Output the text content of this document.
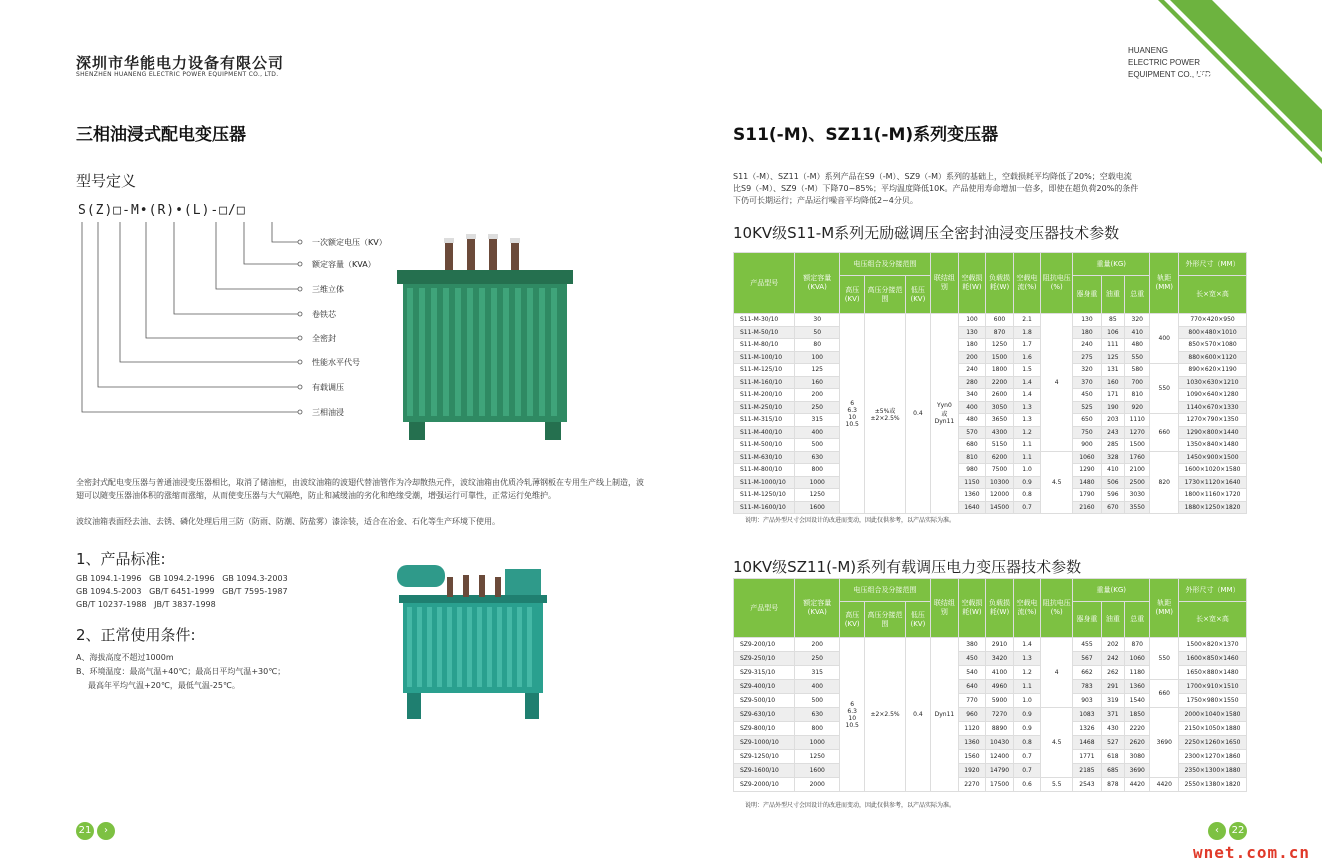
深圳市华能电力设备有限公司
SHENZHEN HUANENG ELECTRIC POWER EQUIPMENT CO., LTD.
HUANENG
ELECTRIC POWER
EQUIPMENT CO., LTD
油浸式变压器
三相油浸式配电变压器
型号定义
S(Z)□-M•(R)•(L)-□/□
一次额定电压（KV）
额定容量（KVA）
三维立体
卷铁芯
全密封
性能水平代号
有载调压
三相油浸
全密封式配电变压器与普通油浸变压器相比，取消了储油柜，由波纹油箱的波翅代替油管作为冷却散热元件，波纹油箱由优质冷轧薄钢板在专用生产线上制造，波翅可以随变压器油体积的涨缩而涨缩，从而使变压器与大气隔绝，防止和减缓油的劣化和绝缘受潮，增强运行可靠性，正常运行免维护。
波纹油箱表面经去油、去锈、磷化处理后用三防（防雨、防潮、防盐雾）漆涂装，适合在冶金、石化等生产环境下使用。
1、产品标准:
GB 1094.1-1996   GB 1094.2-1996   GB 1094.3-2003
GB 1094.5-2003   GB/T 6451-1999   GB/T 7595-1987
GB/T 10237-1988   JB/T 3837-1998
2、正常使用条件:
A、海拔高度不超过1000m
B、环境温度：最高气温+40℃；最高日平均气温+30℃；
最高年平均气温+20℃，最低气温-25℃。
21	›
S11(-M)、SZ11(-M)系列变压器
S11（-M）、SZ11（-M）系列产品在S9（-M）、SZ9（-M）系列的基础上，空载损耗平均降低了20%；空载电流
比S9（-M）、SZ9（-M）下降70~85%；平均温度降低10K。产品使用寿命增加一倍多，即使在超负荷20%的条件
下仍可长期运行；产品运行噪音平均降低2~4分贝。
10KV级S11-M系列无励磁调压全密封油浸变压器技术参数
产品型号	额定容量(KVA)	电压组合及分接范围			联结组别	空载损耗(W)	负载损耗(W)	空载电流(%)	阻抗电压(%)	重量(KG)			轨距(MM)	外形尺寸（MM）
		高压(KV)	高压分接范围	低压(KV)						器身重	油重	总重		长×宽×高
S11-M-30/10	30	6
6.3
10
10.5	±5%或
±2×2.5%	0.4	Yyn0
或
Dyn11	100	600	2.1	4	130	85	320	400	770×420×950
S11-M-50/10	50					130	870	1.8		180	106	410		800×480×1010
S11-M-80/10	80					180	1250	1.7		240	111	480		850×570×1080
S11-M-100/10	100					200	1500	1.6		275	125	550		880×600×1120
S11-M-125/10	125					240	1800	1.5		320	131	580	550	890×620×1190
S11-M-160/10	160					280	2200	1.4		370	160	700		1030×630×1210
S11-M-200/10	200					340	2600	1.4		450	171	810		1090×640×1280
S11-M-250/10	250					400	3050	1.3		525	190	920		1140×670×1330
S11-M-315/10	315					480	3650	1.3		650	203	1110	660	1270×790×1350
S11-M-400/10	400					570	4300	1.2		750	243	1270		1290×800×1440
S11-M-500/10	500					680	5150	1.1		900	285	1500		1350×840×1480
S11-M-630/10	630					810	6200	1.1	4.5	1060	328	1760	820	1450×900×1500
S11-M-800/10	800					980	7500	1.0		1290	410	2100		1600×1020×1580
S11-M-1000/10	1000					1150	10300	0.9		1480	506	2500		1730×1120×1640
S11-M-1250/10	1250					1360	12000	0.8		1790	596	3030		1800×1160×1720
S11-M-1600/10	1600					1640	14500	0.7		2160	670	3550		1880×1250×1820
说明：产品外型尺寸会因设计的改进而变动，因此仅供参考，以产品实际为准。
10KV级SZ11(-M)系列有载调压电力变压器技术参数
产品型号	额定容量(KVA)	电压组合及分接范围			联结组别	空载损耗(W)	负载损耗(W)	空载电流(%)	阻抗电压(%)	重量(KG)			轨距(MM)	外形尺寸（MM）
		高压(KV)	高压分接范围	低压(KV)						器身重	油重	总重		长×宽×高
SZ9-200/10	200	6
6.3
10
10.5	±2×2.5%	0.4	Dyn11	380	2910	1.4	4	455	202	870	550	1500×820×1370
SZ9-250/10	250					450	3420	1.3		567	242	1060		1600×850×1460
SZ9-315/10	315					540	4100	1.2		662	262	1180		1650×880×1480
SZ9-400/10	400					640	4960	1.1		783	291	1360	660	1700×910×1510
SZ9-500/10	500					770	5900	1.0		903	319	1540		1750×980×1550
SZ9-630/10	630					960	7270	0.9	4.5	1083	371	1850	3690	2000×1040×1580
SZ9-800/10	800					1120	8890	0.9		1326	430	2220		2150×1050×1880
SZ9-1000/10	1000					1360	10430	0.8		1468	527	2620		2250×1260×1650
SZ9-1250/10	1250					1560	12400	0.7		1771	618	3080		2300×1270×1860
SZ9-1600/10	1600					1920	14790	0.7		2185	685	3690		2350×1300×1880
SZ9-2000/10	2000					2270	17500	0.6	5.5	2543	878	4420	4420	2550×1380×1820
说明：产品外型尺寸会因设计的改进而变动，因此仅供参考，以产品实际为准。
‹	22
wnet.com.cn
